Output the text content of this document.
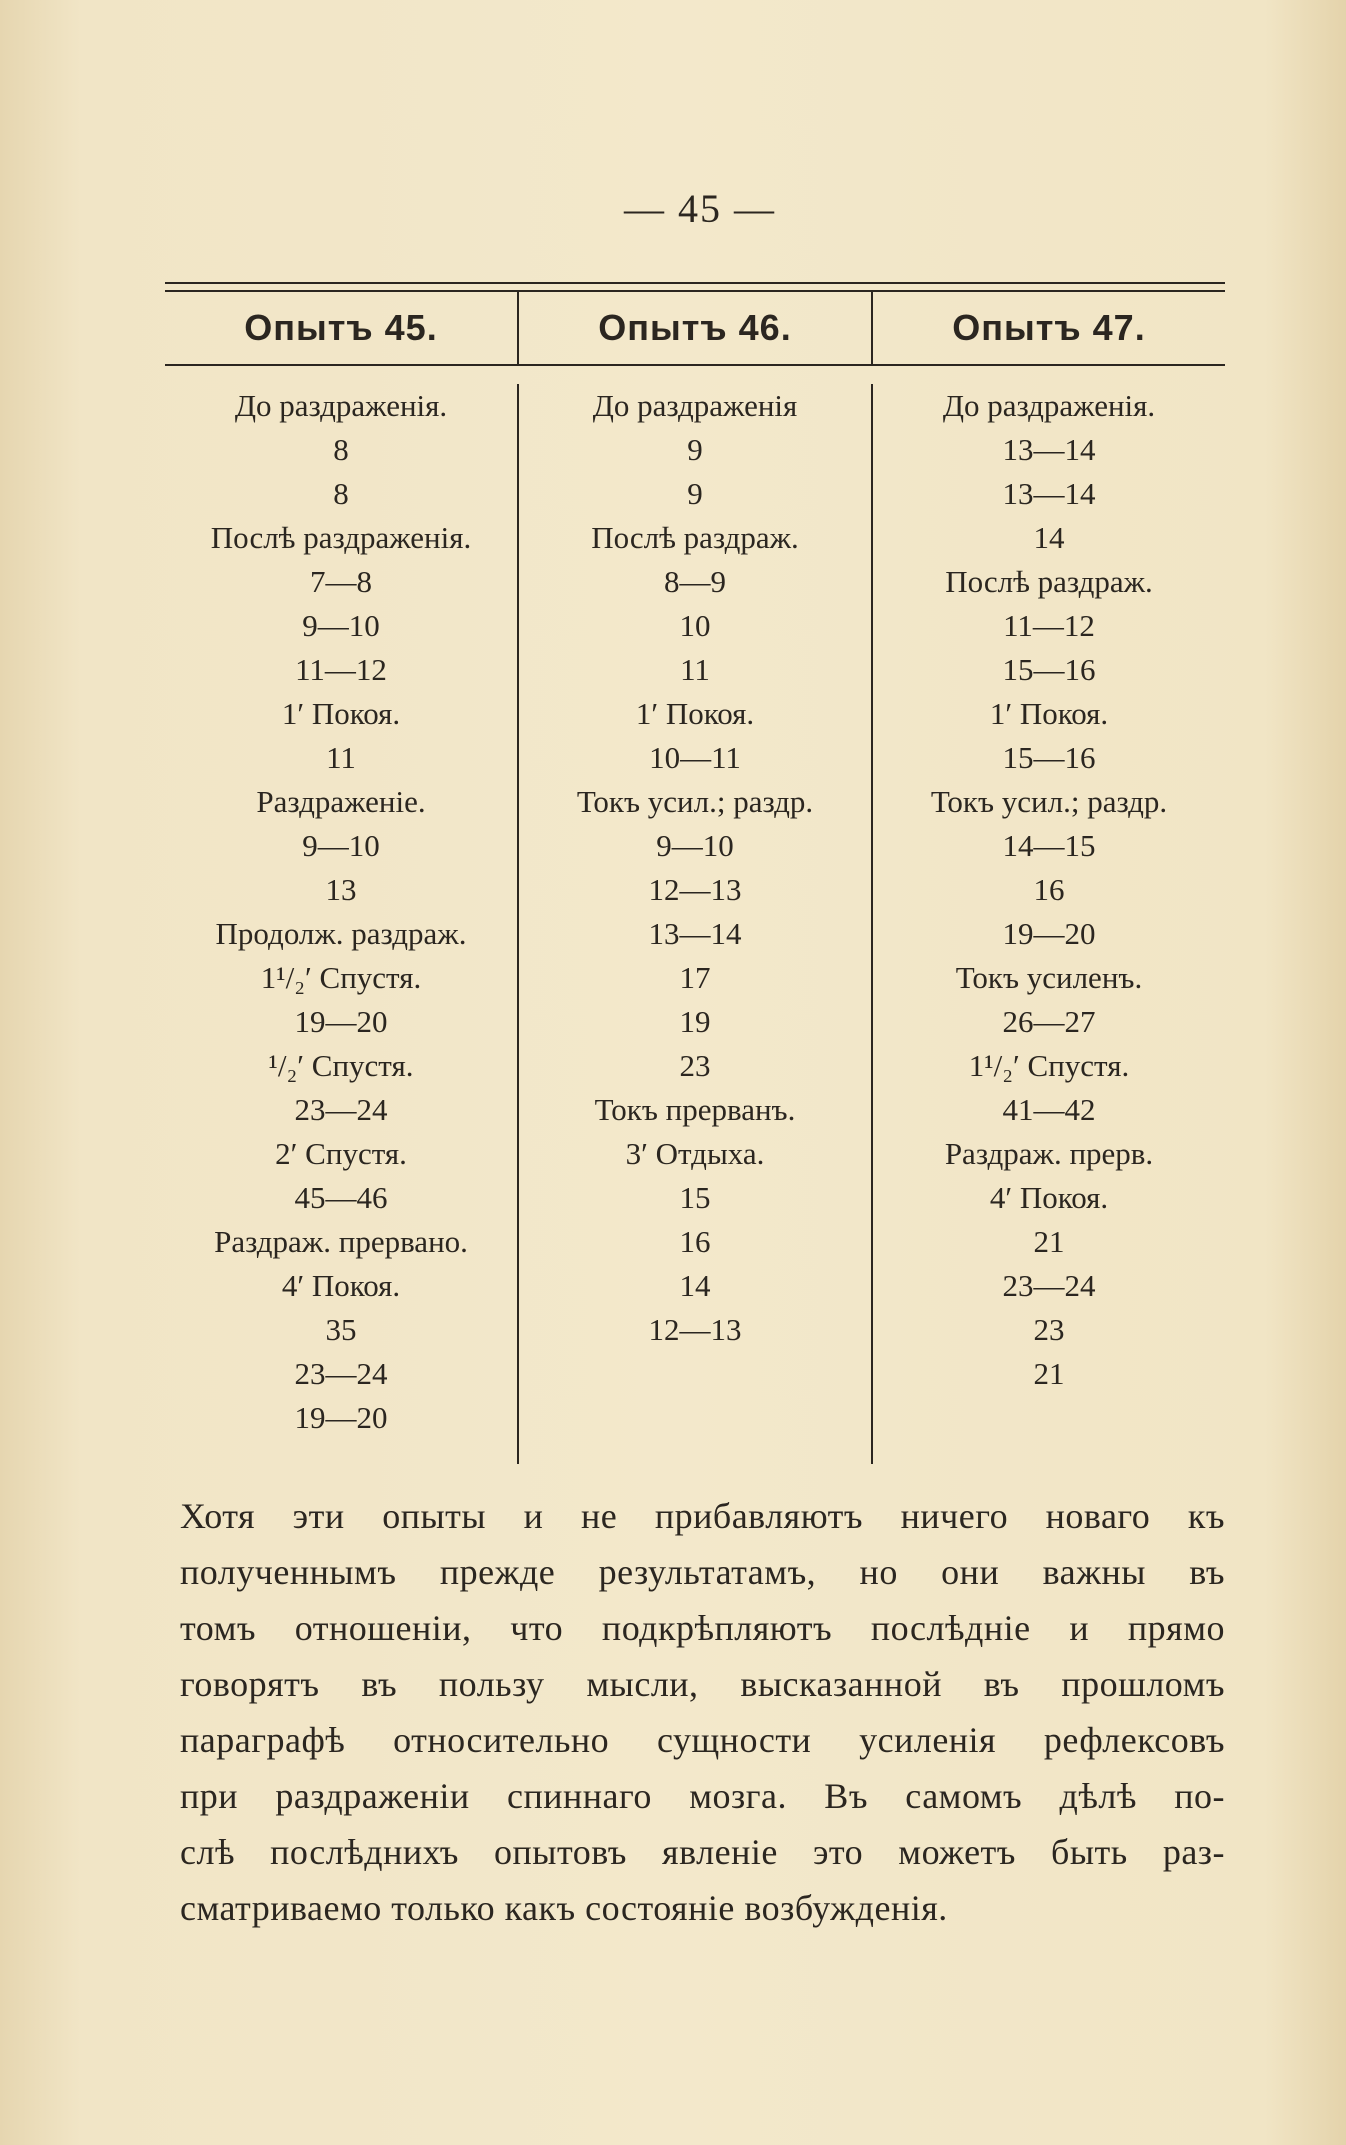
— 45 —
Опытъ 45.	Опытъ 46.	Опытъ 47.
До раздраженія.
8
8
Послѣ раздраженія.
7—8
9—10
11—12
1′ Покоя.
11
Раздраженіе.
9—10
13
Продолж. раздраж.
1¹/₂′ Спустя.
19—20
¹/₂′ Спустя.
23—24
2′ Спустя.
45—46
Раздраж. прервано.
4′ Покоя.
35
23—24
19—20
До раздраженія
9
9
Послѣ раздраж.
8—9
10
11
1′ Покоя.
10—11
Токъ усил.; раздр.
9—10
12—13
13—14
17
19
23
Токъ прерванъ.
3′ Отдыха.
15
16
14
12—13
До раздраженія.
13—14
13—14
14
Послѣ раздраж.
11—12
15—16
1′ Покоя.
15—16
Токъ усил.; раздр.
14—15
16
19—20
Токъ усиленъ.
26—27
1¹/₂′ Спустя.
41—42
Раздраж. прерв.
4′ Покоя.
21
23—24
23
21
Хотя эти опыты и не прибавляютъ ничего новаго къ
полученнымъ прежде результатамъ, но они важны въ
томъ отношеніи, что подкрѣпляютъ послѣдніе и прямо
говорятъ въ пользу мысли, высказанной въ прошломъ
параграфѣ относительно сущности усиленія рефлексовъ
при раздраженіи спиннаго мозга. Въ самомъ дѣлѣ по-
слѣ послѣднихъ опытовъ явленіе это можетъ быть раз-
сматриваемо только какъ состояніе возбужденія.
